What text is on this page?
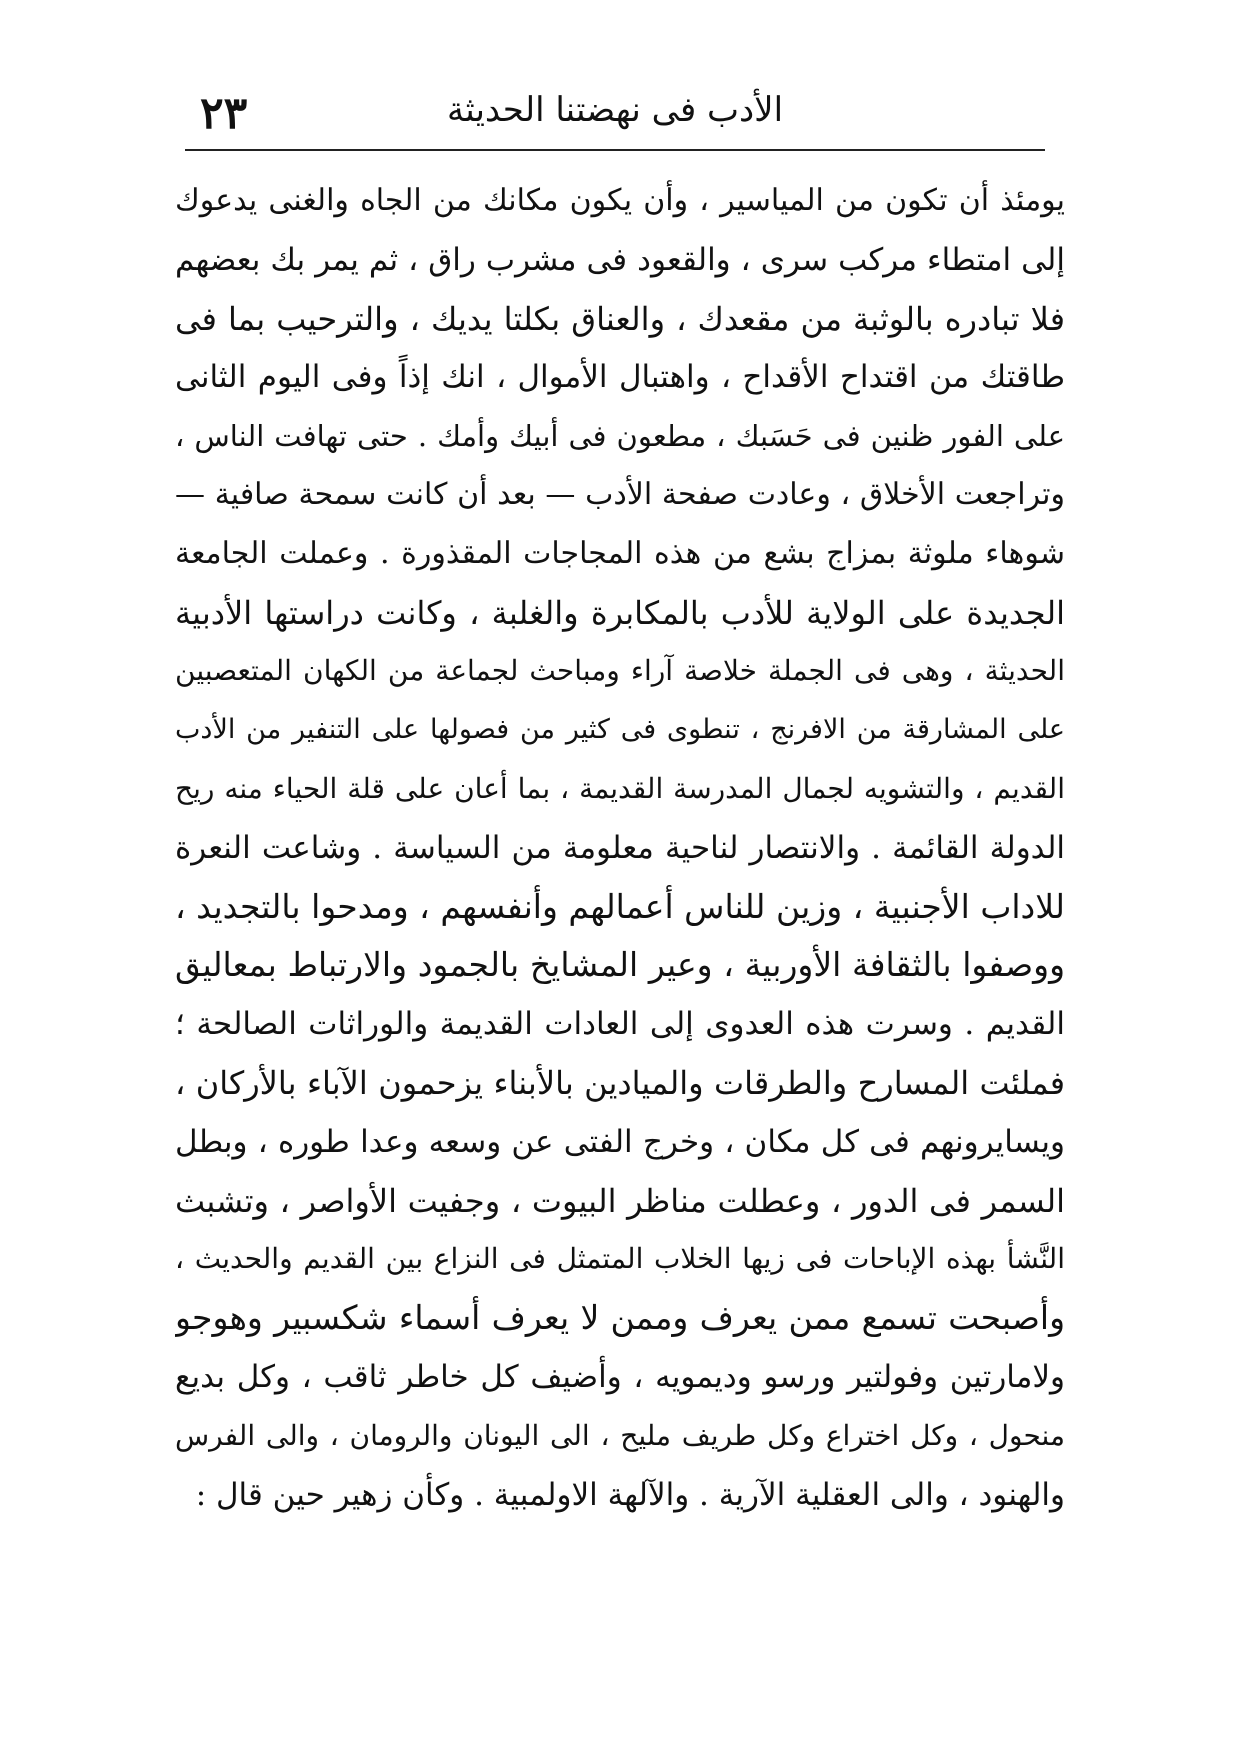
٢٣	الأدب فى نهضتنا الحديثة
يومئذ أن تكون من المياسير ، وأن يكون مكانك من الجاه والغنى يدعوك
إلى امتطاء مركب سرى ، والقعود فى مشرب راق ، ثم يمر بك بعضهم
فلا تبادره بالوثبة من مقعدك ، والعناق بكلتا يديك ، والترحيب بما فى
طاقتك من اقتداح الأقداح ، واهتبال الأموال ، انك إذاً وفى اليوم الثانى
على الفور ظنين فى حَسَبك ، مطعون فى أبيك وأمك . حتى تهافت الناس ،
وتراجعت الأخلاق ، وعادت صفحة الأدب — بعد أن كانت سمحة صافية —
شوهاء ملوثة بمزاج بشع من هذه المجاجات المقذورة . وعملت الجامعة
الجديدة على الولاية للأدب بالمكابرة والغلبة ، وكانت دراستها الأدبية
الحديثة ، وهى فى الجملة خلاصة آراء ومباحث لجماعة من الكهان المتعصبين
على المشارقة من الافرنج ، تنطوى فى كثير من فصولها على التنفير من الأدب
القديم ، والتشويه لجمال المدرسة القديمة ، بما أعان على قلة الحياء منه ريح
الدولة القائمة . والانتصار لناحية معلومة من السياسة . وشاعت النعرة
للاداب الأجنبية ، وزين للناس أعمالهم وأنفسهم ، ومدحوا بالتجديد ،
ووصفوا بالثقافة الأوربية ، وعير المشايخ بالجمود والارتباط بمعاليق
القديم . وسرت هذه العدوى إلى العادات القديمة والوراثات الصالحة ؛
فملئت المسارح والطرقات والميادين بالأبناء يزحمون الآباء بالأركان ،
ويسايرونهم فى كل مكان ، وخرج الفتى عن وسعه وعدا طوره ، وبطل
السمر فى الدور ، وعطلت مناظر البيوت ، وجفيت الأواصر ، وتشبث
النَّشأ بهذه الإباحات فى زيها الخلاب المتمثل فى النزاع بين القديم والحديث ،
وأصبحت تسمع ممن يعرف وممن لا يعرف أسماء شكسبير وهوجو
ولامارتين وفولتير ورسو وديمويه ، وأضيف كل خاطر ثاقب ، وكل بديع
منحول ، وكل اختراع وكل طريف مليح ، الى اليونان والرومان ، والى الفرس
والهنود ، والى العقلية الآرية . والآلهة الاولمبية . وكأن زهير حين قال :
